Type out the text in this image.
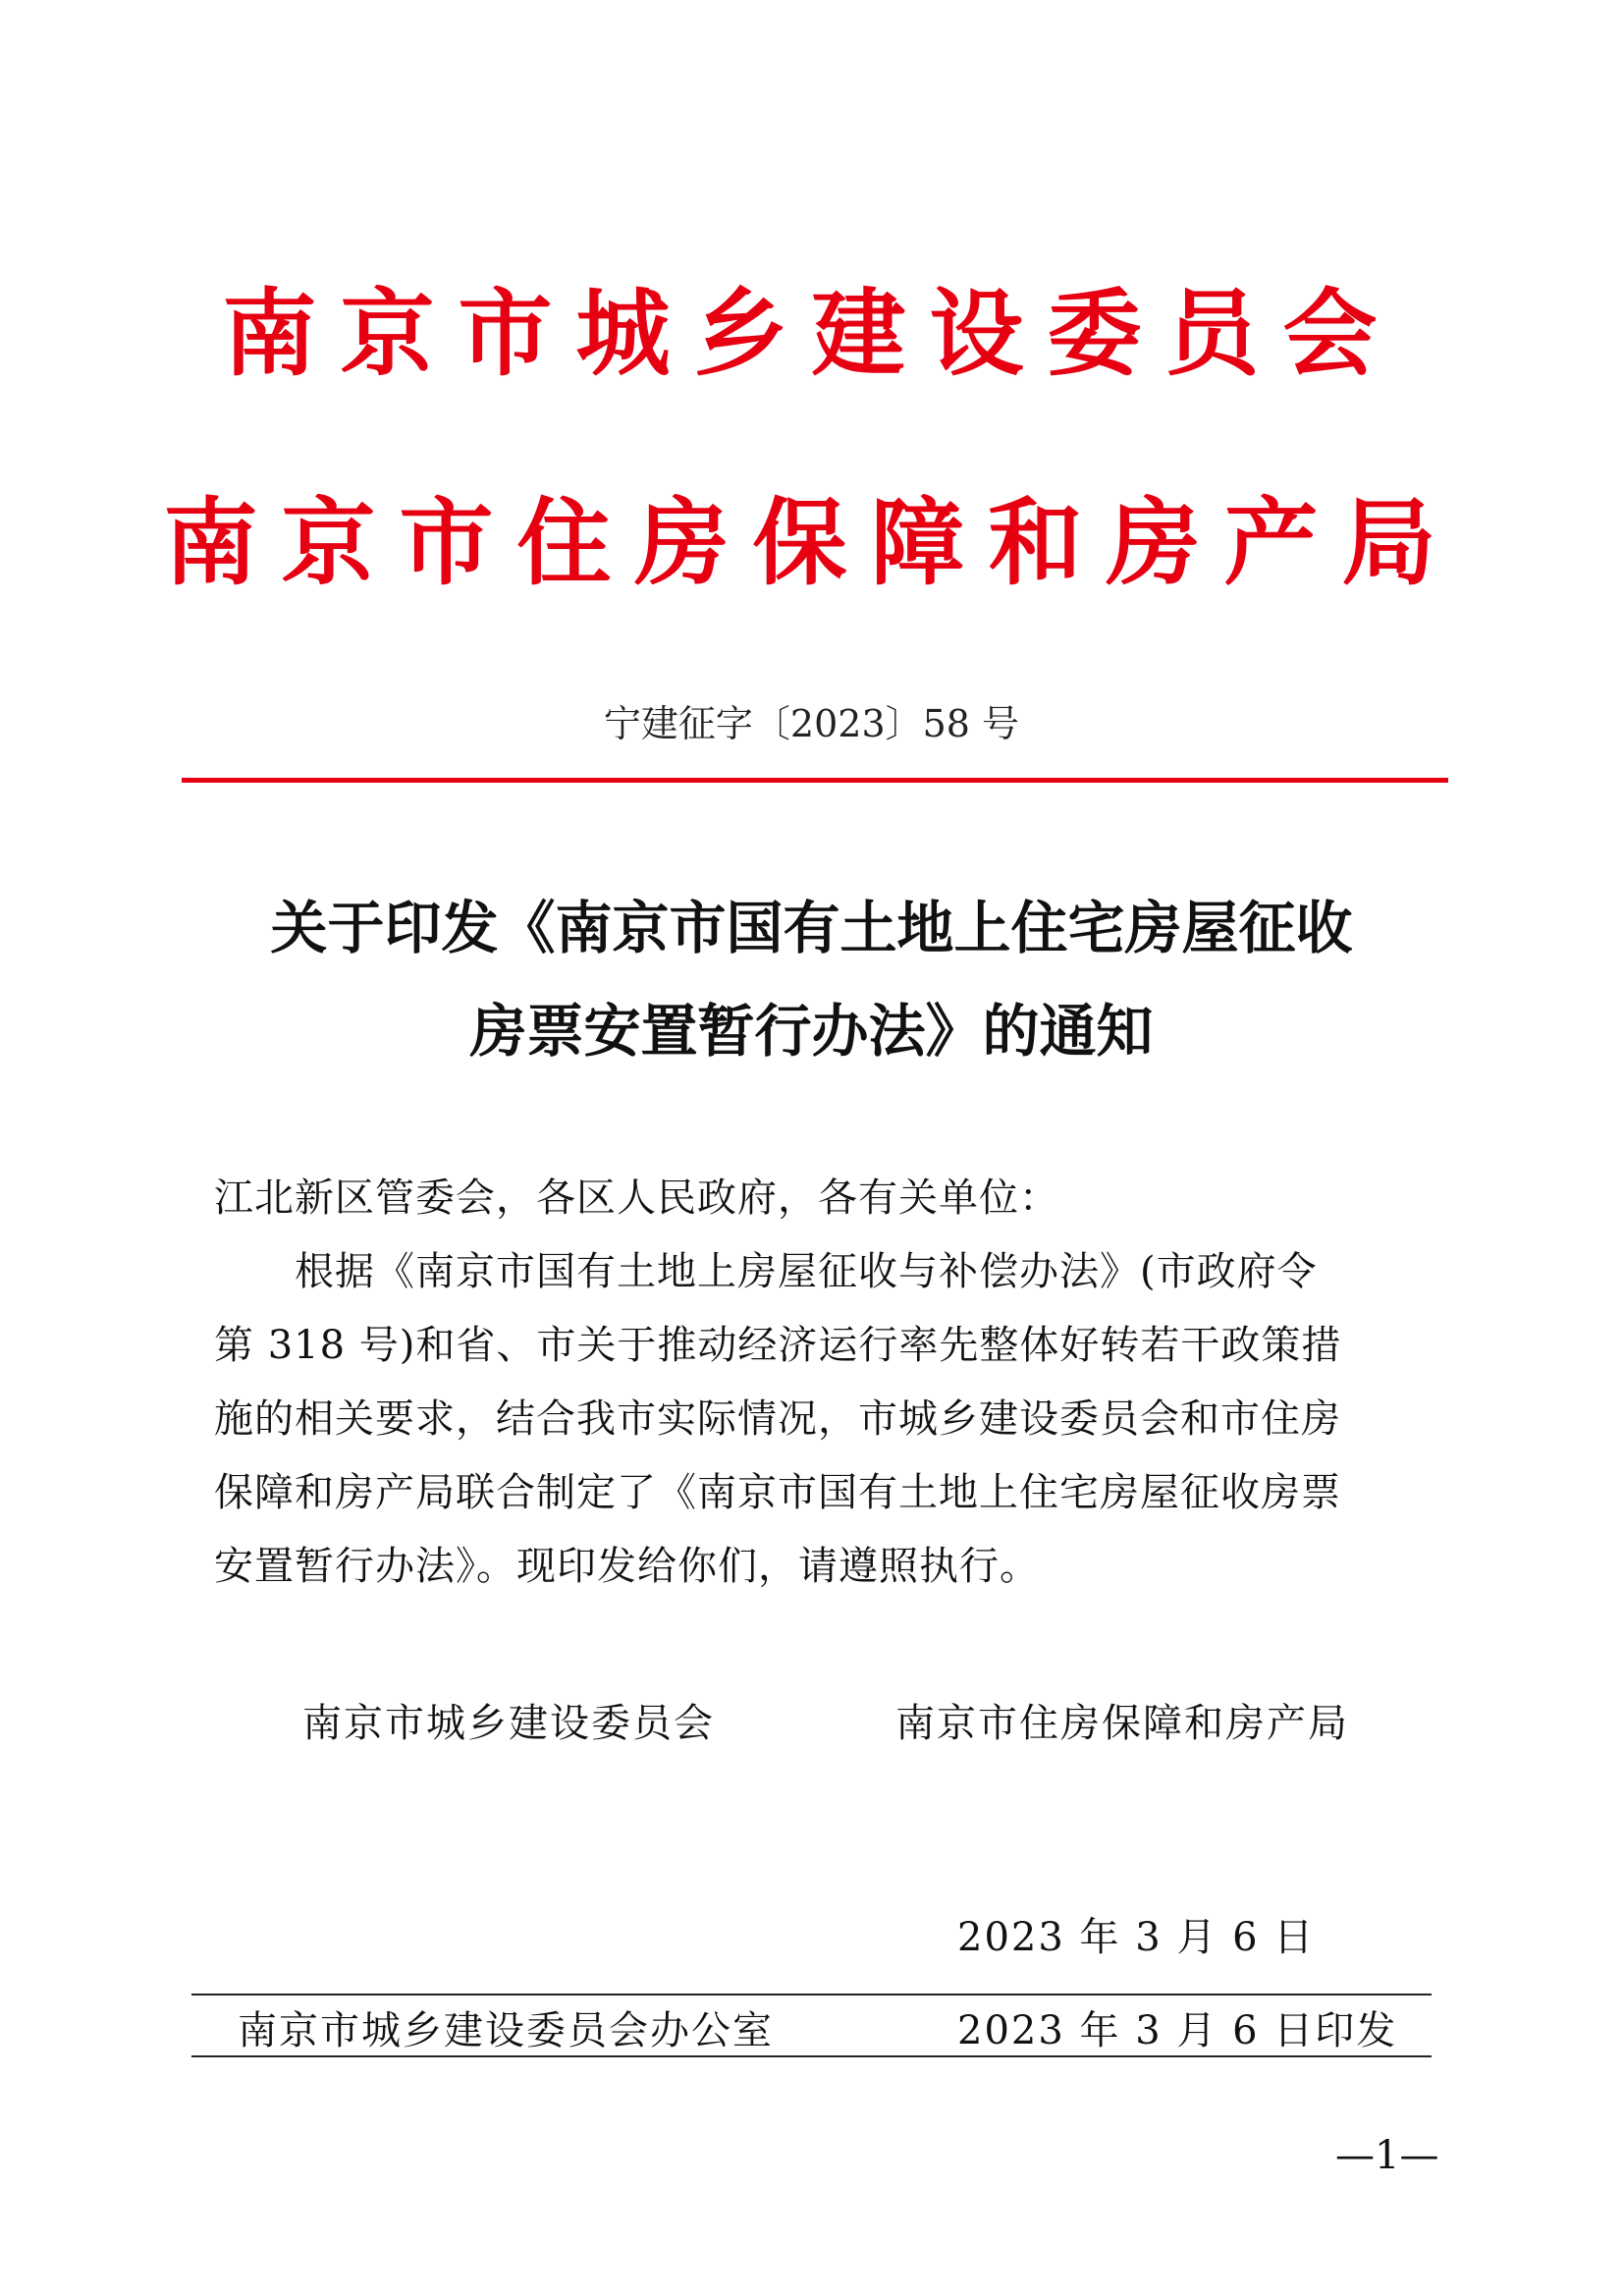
南京市城乡建设委员会
南京市住房保障和房产局
宁建征字〔2023〕58 号
关于印发《南京市国有土地上住宅房屋征收
房票安置暂行办法》的通知
江北新区管委会，各区人民政府，各有关单位：
　　根据《南京市国有土地上房屋征收与补偿办法》(市政府令
第 318 号)和省、市关于推动经济运行率先整体好转若干政策措
施的相关要求，结合我市实际情况，市城乡建设委员会和市住房
保障和房产局联合制定了《南京市国有土地上住宅房屋征收房票
安置暂行办法》。现印发给你们，请遵照执行。
南京市城乡建设委员会	南京市住房保障和房产局
2023 年 3 月 6 日
南京市城乡建设委员会办公室	2023 年 3 月 6 日印发
—1—
